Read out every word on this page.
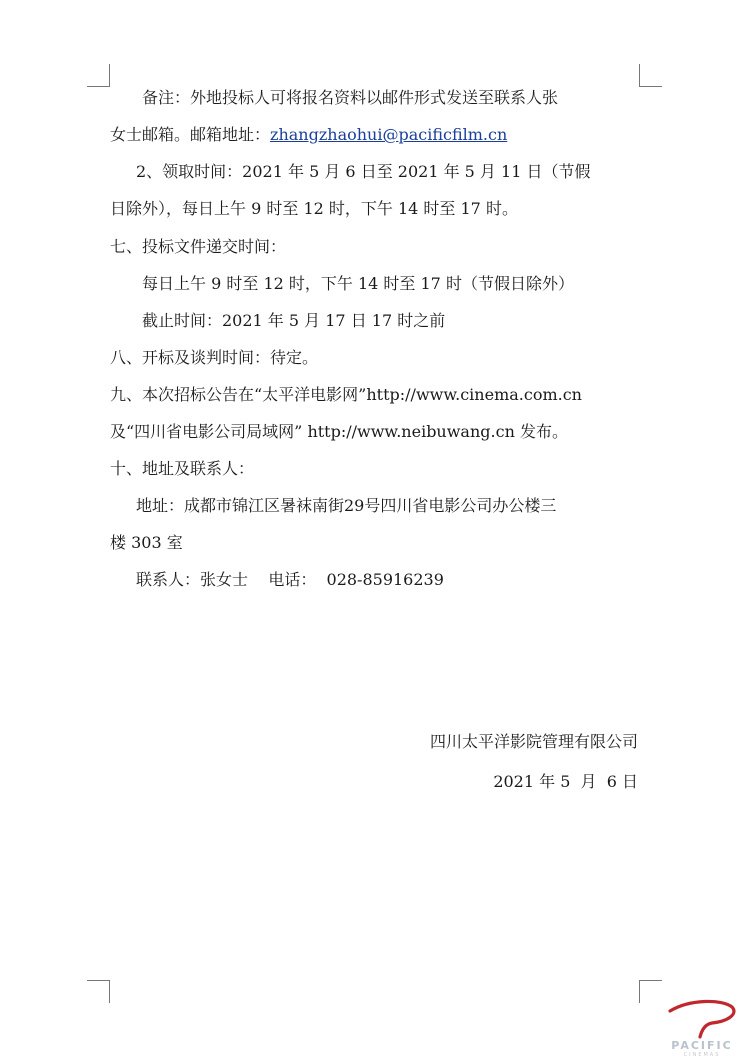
备注：外地投标人可将报名资料以邮件形式发送至联系人张
女士邮箱。邮箱地址：zhangzhaohui@pacificfilm.cn
2、领取时间：2021 年 5 月 6 日至 2021 年 5 月 11 日（节假
日除外），每日上午 9 时至 12 时，下午 14 时至 17 时。
七、投标文件递交时间：
每日上午 9 时至 12 时，下午 14 时至 17 时（节假日除外）
截止时间：2021 年 5 月 17 日 17 时之前
八、开标及谈判时间：待定。
九、本次招标公告在“太平洋电影网”http://www.cinema.com.cn
及“四川省电影公司局域网” http://www.neibuwang.cn 发布。
十、地址及联系人：
地址：成都市锦江区暑袜南街29号四川省电影公司办公楼三
楼 303 室
联系人：张女士    电话：  028-85916239
四川太平洋影院管理有限公司
2021 年 5  月  6 日
PACIFIC
CINEMAS
